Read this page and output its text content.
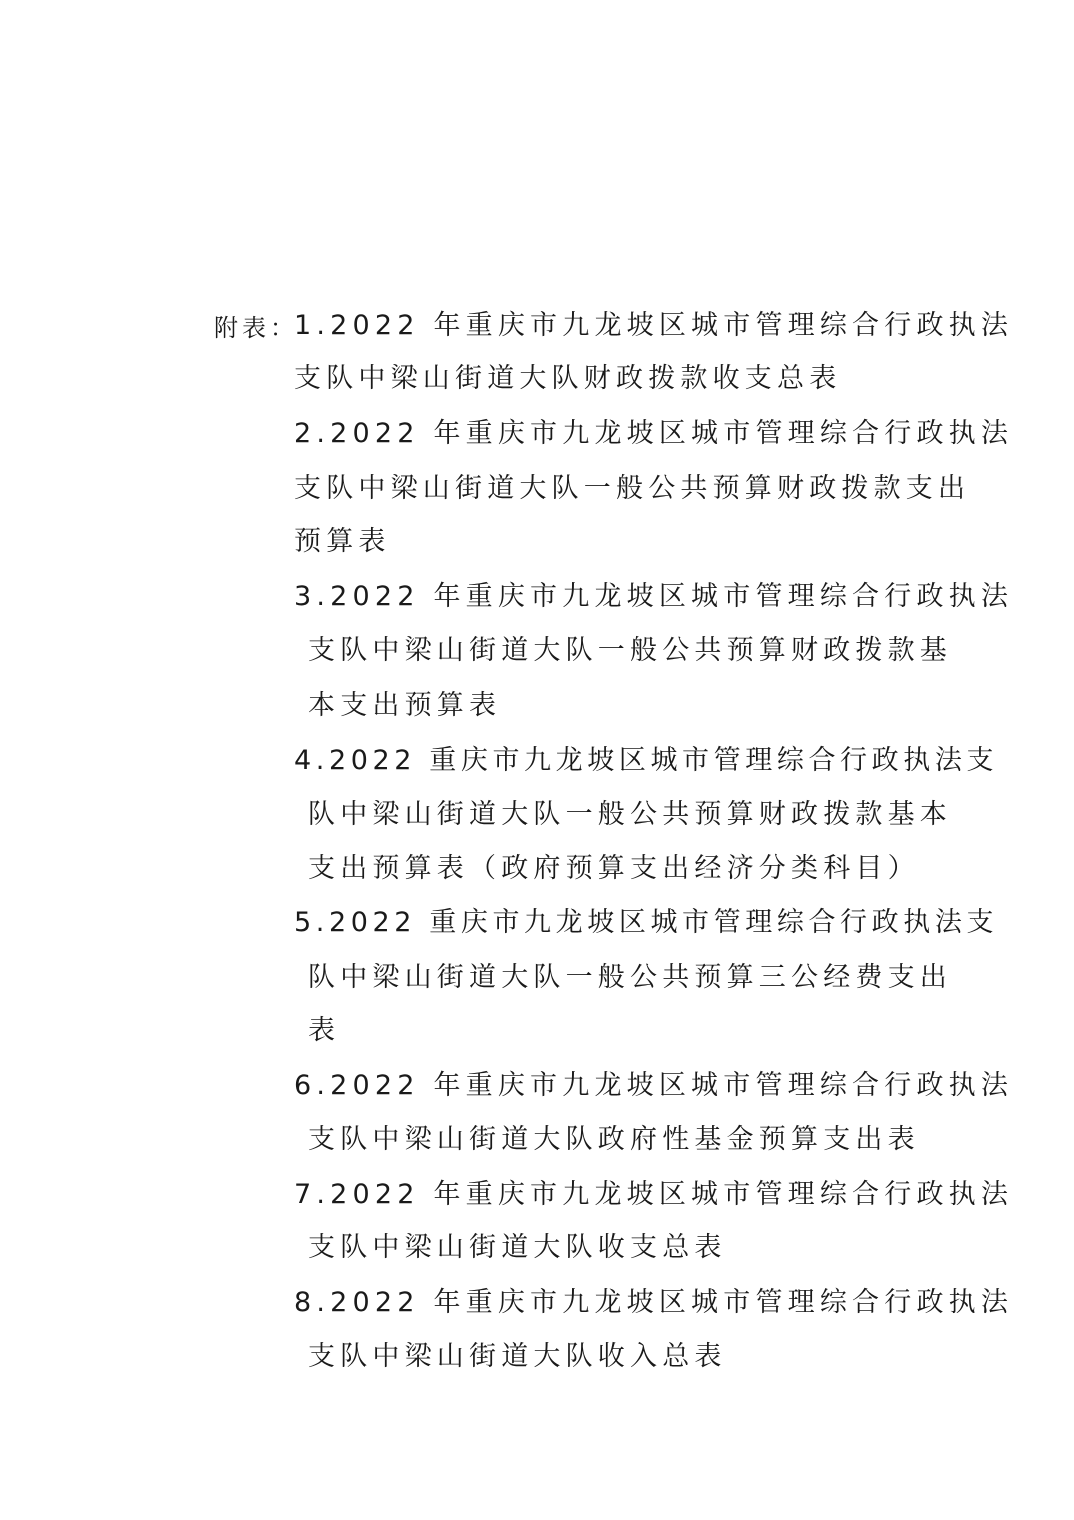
附表：
1.2022 年重庆市九龙坡区城市管理综合行政执法
支队中梁山街道大队财政拨款收支总表
2.2022 年重庆市九龙坡区城市管理综合行政执法
支队中梁山街道大队一般公共预算财政拨款支出
预算表
3.2022 年重庆市九龙坡区城市管理综合行政执法
支队中梁山街道大队一般公共预算财政拨款基
本支出预算表
4.2022 重庆市九龙坡区城市管理综合行政执法支
队中梁山街道大队一般公共预算财政拨款基本
支出预算表（政府预算支出经济分类科目）
5.2022 重庆市九龙坡区城市管理综合行政执法支
队中梁山街道大队一般公共预算三公经费支出
表
6.2022 年重庆市九龙坡区城市管理综合行政执法
支队中梁山街道大队政府性基金预算支出表
7.2022 年重庆市九龙坡区城市管理综合行政执法
支队中梁山街道大队收支总表
8.2022 年重庆市九龙坡区城市管理综合行政执法
支队中梁山街道大队收入总表
